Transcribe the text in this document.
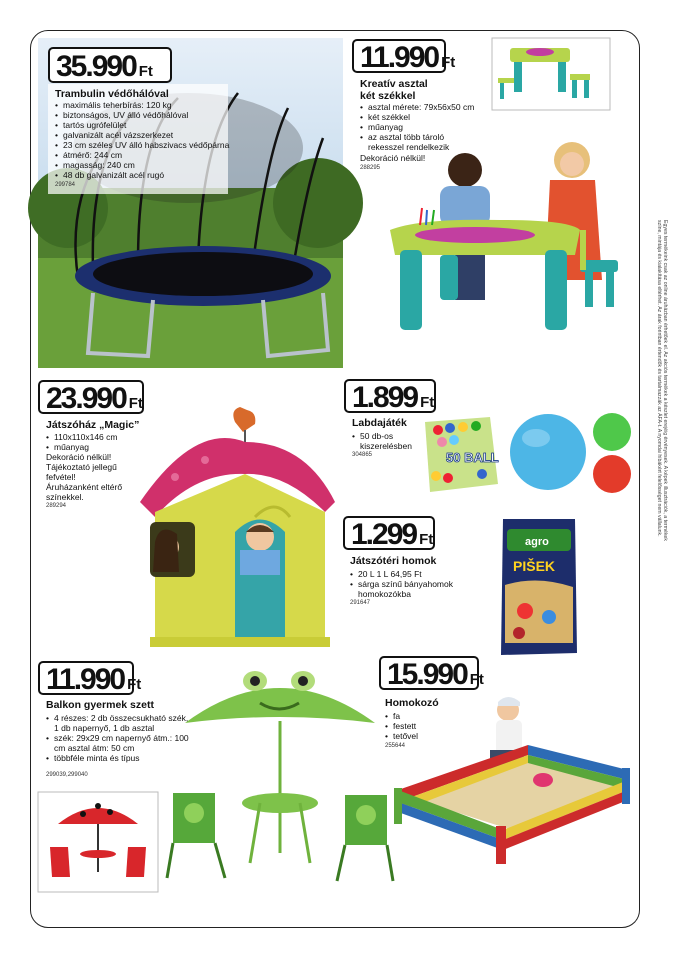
35.990 Ft
Trambulin védőhálóval
• maximális teherbírás: 120 kg
• biztonságos, UV álló védőhálóval
• tartós ugrófelület
• galvanizált acél vázszerkezet
• 23 cm széles UV álló habszivacs védőpárna
• átmérő: 244 cm
• magasság: 240 cm
• 48 db galvanizált acél rugó
299784
11.990 Ft
Kreatív asztal
két székkel
• asztal mérete: 79x56x50 cm
• két székkel
• műanyag
• az asztal több tároló rekesszel rendelkezik
Dekoráció nélkül!
288295
23.990 Ft
Játszóház „Magic”
• 110x110x146 cm
• műanyag
Dekoráció nélkül!
Tájékoztató jellegű
fefvétel!
Áruházanként eltérő
színekkel.
289294
1.899 Ft
Labdajáték
• 50 db-os kiszerelésben
304865	50 BALL
1.299 Ft
Játszótéri homok
• 20 L 1 L 64,95 Ft
• sárga színű bányahomok homokozókba
291647
agro
PIŠEK
11.990 Ft
Balkon gyermek szett
• 4 részes: 2 db összecsukható szék, 1 db napernyő, 1 db asztal
• szék: 29x29 cm napernyő átm.: 100 cm asztal átm: 50 cm
• többféle minta és típus
299039,299040
15.990 Ft
Homokozó
• fa
• festett
• tetővel
255644
Egyes termékeink csak az online áruházban érhetőek el. Az akciós termékek a készlet erejéig érvényesek. A képek illusztrációk, a termékek színe, mintája és kialakítása eltérhet. Az árak forintban értendők és tartalmazzák az ÁFA-t. A nyomdai hibákért felelősséget nem vállalunk.
